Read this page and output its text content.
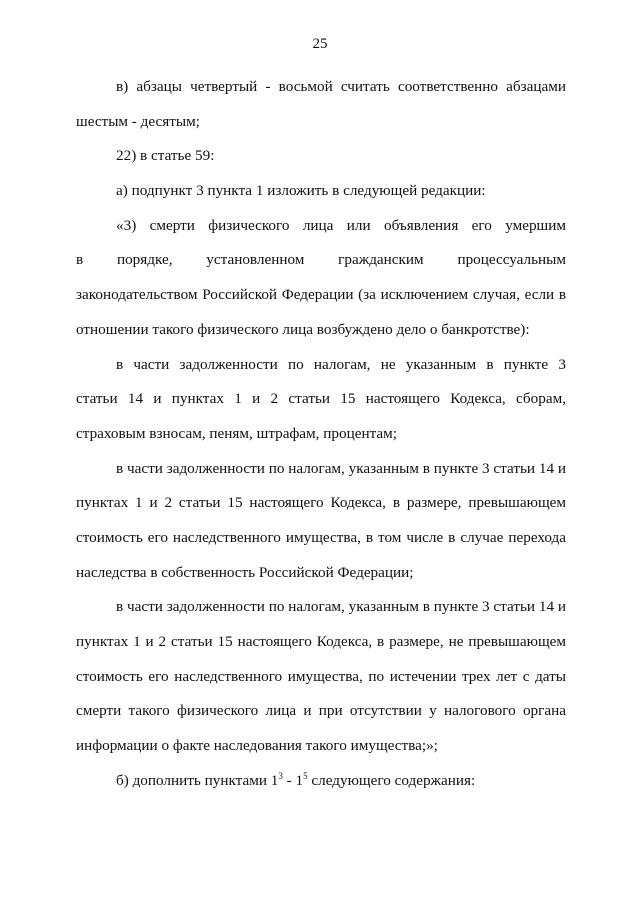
25
в) абзацы четвертый - восьмой считать соответственно абзацами
шестым - десятым;
22) в статье 59:
а) подпункт 3 пункта 1 изложить в следующей редакции:
«3) смерти физического лица или объявления его умершим
в порядке, установленном гражданским процессуальным
законодательством Российской Федерации (за исключением случая, если в
отношении такого физического лица возбуждено дело о банкротстве):
в части задолженности по налогам, не указанным в пункте 3
статьи 14 и пунктах 1 и 2 статьи 15 настоящего Кодекса, сборам,
страховым взносам, пеням, штрафам, процентам;
в части задолженности по налогам, указанным в пункте 3 статьи 14 и
пунктах 1 и 2 статьи 15 настоящего Кодекса, в размере, превышающем
стоимость его наследственного имущества, в том числе в случае перехода
наследства в собственность Российской Федерации;
в части задолженности по налогам, указанным в пункте 3 статьи 14 и
пунктах 1 и 2 статьи 15 настоящего Кодекса, в размере, не превышающем
стоимость его наследственного имущества, по истечении трех лет с даты
смерти такого физического лица и при отсутствии у налогового органа
информации о факте наследования такого имущества;»;
б) дополнить пунктами $1^3 - 1^5$ следующего содержания:
